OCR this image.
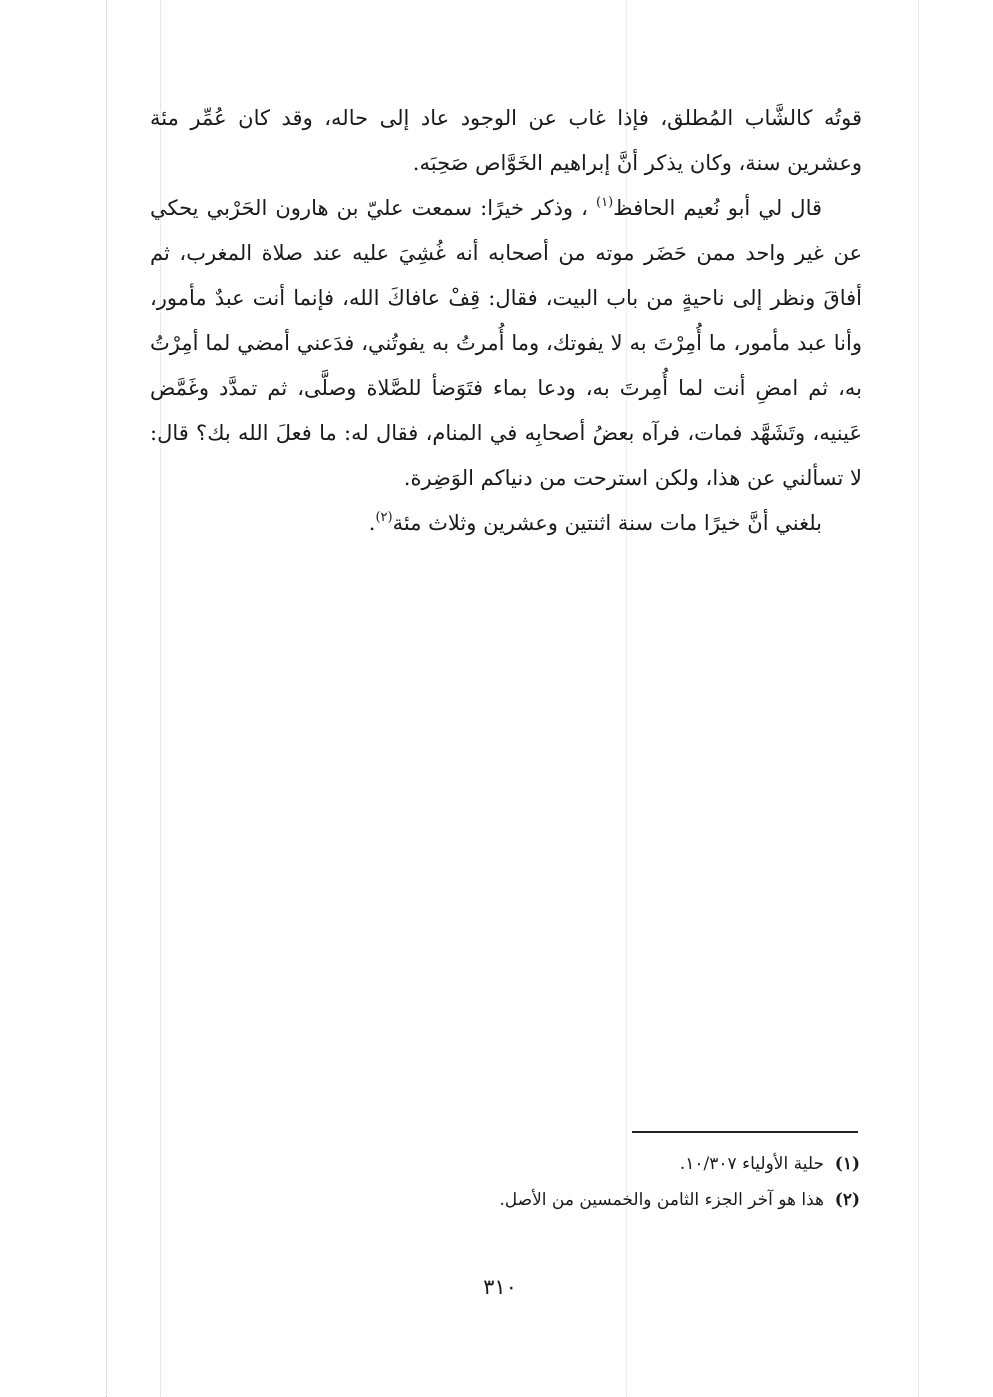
قوتُه كالشَّاب المُطلق، فإذا غاب عن الوجود عاد إلى حاله، وقد كان عُمِّر مئة

وعشرين سنة، وكان يذكر أنَّ إبراهيم الخَوَّاص صَحِبَه.

قال لي أبو نُعيم الحافظ$^{(١)}$ ، وذكر خيرًا: سمعت عليّ بن هارون الحَرْبي يحكي عن غير واحد ممن حَضَر موته من أصحابه أنه غُشِيَ عليه عند صلاة المغرب، ثم أفاقَ ونظر إلى ناحيةٍ من باب البيت، فقال: قِفْ عافاكَ الله، فإنما أنت عبدٌ مأمور، وأنا عبد مأمور، ما أُمِرْتَ به لا يفوتك، وما أُمرتُ به يفوتُني، فدَعني أمضي لما أمِرْتُ به، ثم امضِ أنت لما أُمِرتَ به، ودعا بماء فتَوَضأ للصَّلاة وصلَّى، ثم تمدَّد وغَمَّض عَينيه، وتَشَهَّد فمات، فرآه بعضُ أصحابِه في المنام، فقال له: ما فعلَ الله بك؟ قال: لا تسألني عن هذا، ولكن استرحت من دنياكم الوَضِرة.

بلغني أنَّ خيرًا مات سنة اثنتين وعشرين وثلاث مئة$^{(٢)}$.

(١)
حلية الأولياء ١٠/٣٠٧.
(٢)
هذا هو آخر الجزء الثامن والخمسين من الأصل.
٣١٠
